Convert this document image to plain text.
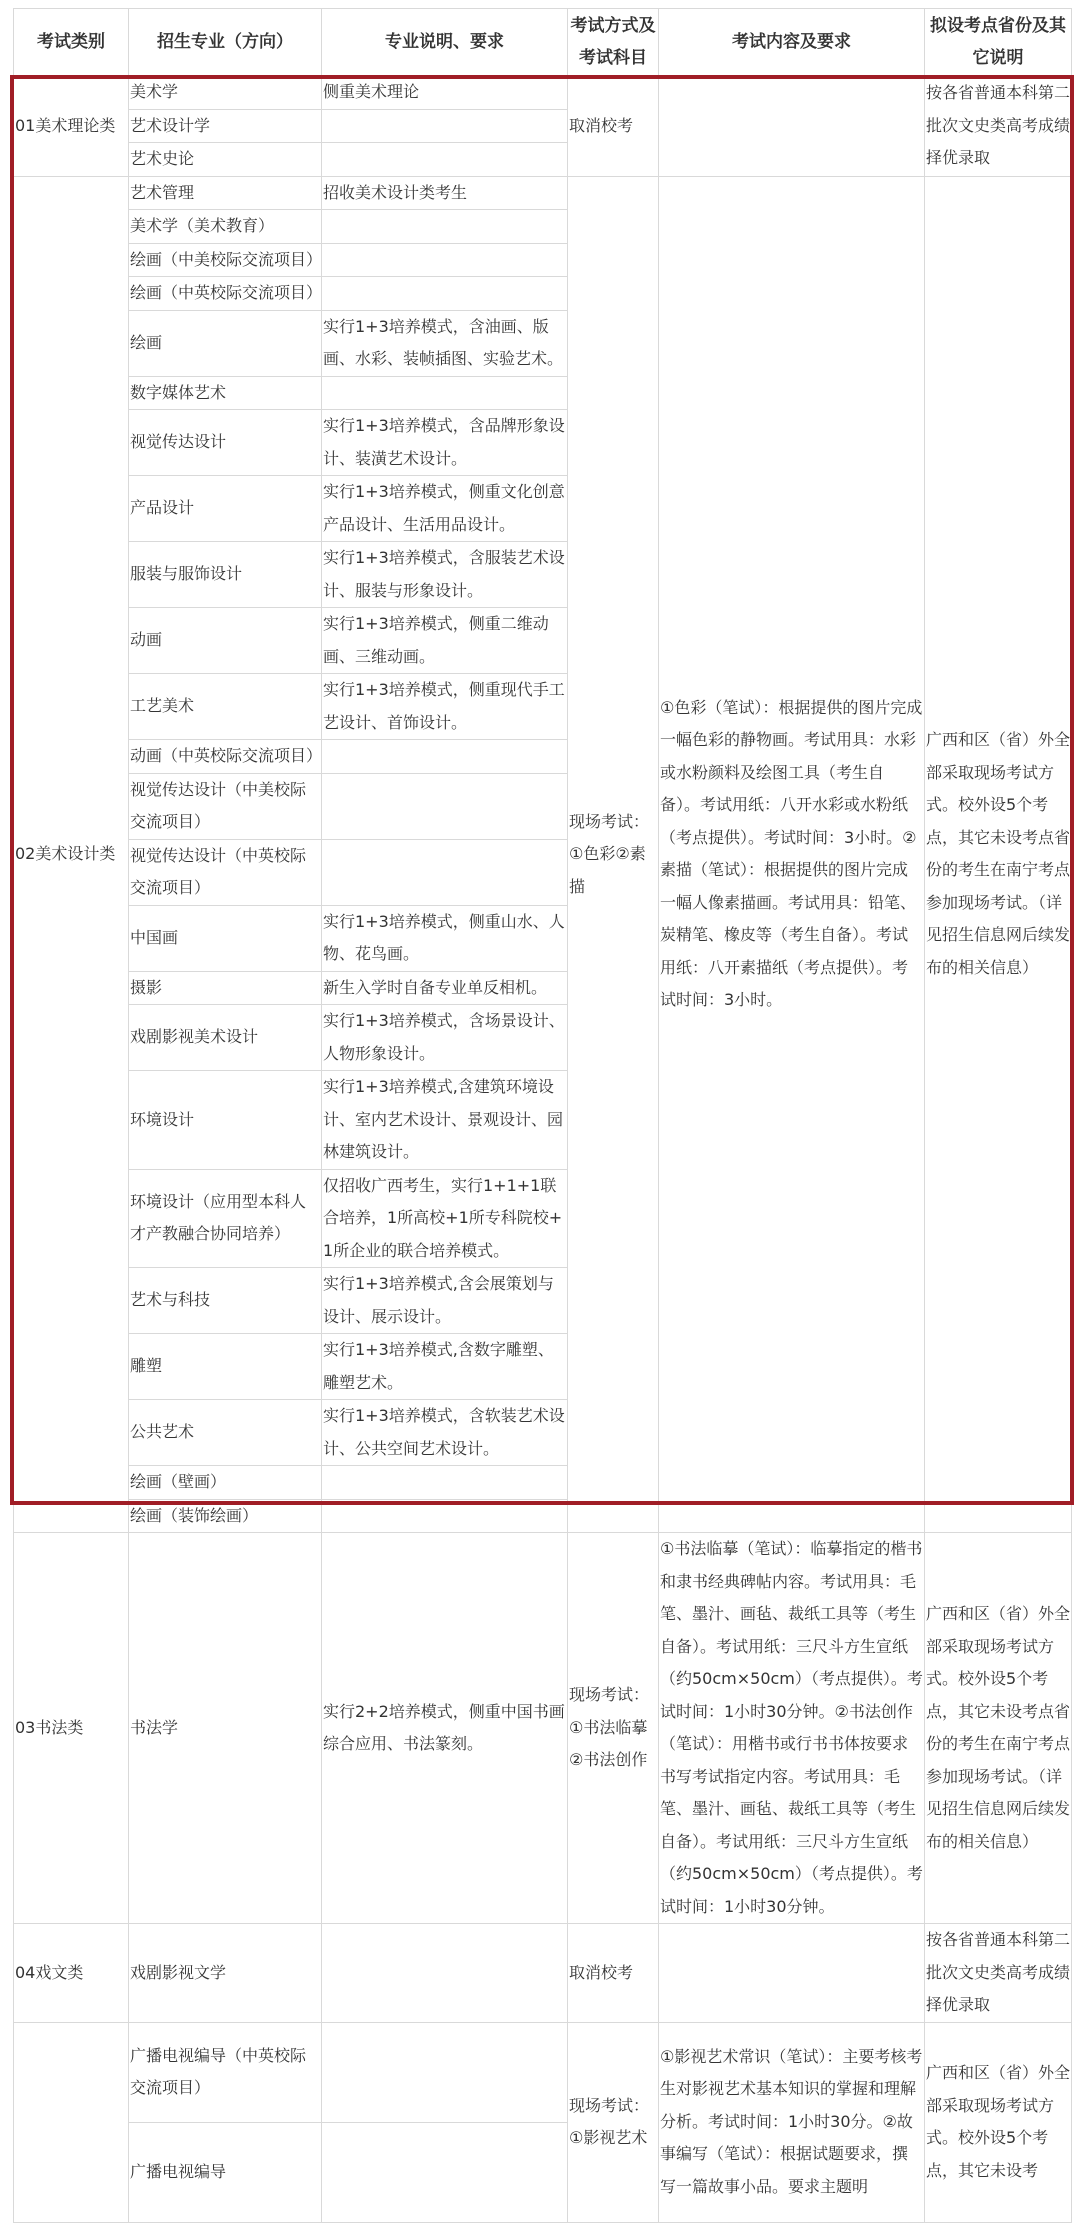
考试类别	招生专业（方向）	专业说明、要求	考试方式及考试科目	考试内容及要求	拟设考点省份及其它说明
01美术理论类	美术学	侧重美术理论	取消校考		按各省普通本科第二批次文史类高考成绩择优录取
	艺术设计学				
	艺术史论				
02美术设计类	艺术管理	招收美术设计类考生	现场考试：①色彩②素描	①色彩（笔试）：根据提供的图片完成一幅色彩的静物画。考试用具：水彩或水粉颜料及绘图工具（考生自备）。考试用纸：八开水彩或水粉纸（考点提供）。考试时间：3小时。②素描（笔试）：根据提供的图片完成一幅人像素描画。考试用具：铅笔、炭精笔、橡皮等（考生自备）。考试用纸：八开素描纸（考点提供）。考试时间：3小时。	广西和区（省）外全部采取现场考试方式。校外设5个考点，其它未设考点省份的考生在南宁考点参加现场考试。（详见招生信息网后续发布的相关信息）
	美术学（美术教育）				
	绘画（中美校际交流项目）				
	绘画（中英校际交流项目）				
	绘画	实行1+3培养模式，含油画、版画、水彩、装帧插图、实验艺术。			
	数字媒体艺术				
	视觉传达设计	实行1+3培养模式，含品牌形象设计、装潢艺术设计。			
	产品设计	实行1+3培养模式，侧重文化创意产品设计、生活用品设计。			
	服装与服饰设计	实行1+3培养模式，含服装艺术设计、服装与形象设计。			
	动画	实行1+3培养模式，侧重二维动画、三维动画。			
	工艺美术	实行1+3培养模式，侧重现代手工艺设计、首饰设计。			
	动画（中英校际交流项目）				
	视觉传达设计（中美校际交流项目）				
	视觉传达设计（中英校际交流项目）				
	中国画	实行1+3培养模式，侧重山水、人物、花鸟画。			
	摄影	新生入学时自备专业单反相机。			
	戏剧影视美术设计	实行1+3培养模式，含场景设计、人物形象设计。			
	环境设计	实行1+3培养模式,含建筑环境设计、室内艺术设计、景观设计、园林建筑设计。			
	环境设计（应用型本科人才产教融合协同培养）	仅招收广西考生，实行1+1+1联合培养，1所高校+1所专科院校+1所企业的联合培养模式。			
	艺术与科技	实行1+3培养模式,含会展策划与设计、展示设计。			
	雕塑	实行1+3培养模式,含数字雕塑、雕塑艺术。			
	公共艺术	实行1+3培养模式，含软装艺术设计、公共空间艺术设计。			
	绘画（壁画）				
	绘画（装饰绘画）				
03书法类	书法学	实行2+2培养模式，侧重中国书画综合应用、书法篆刻。	现场考试：①书法临摹②书法创作	①书法临摹（笔试）：临摹指定的楷书和隶书经典碑帖内容。考试用具：毛笔、墨汁、画毡、裁纸工具等（考生自备）。考试用纸：三尺斗方生宣纸（约50cm×50cm）（考点提供）。考试时间：1小时30分钟。②书法创作（笔试）：用楷书或行书书体按要求书写考试指定内容。考试用具：毛笔、墨汁、画毡、裁纸工具等（考生自备）。考试用纸：三尺斗方生宣纸（约50cm×50cm）（考点提供）。考试时间：1小时30分钟。	广西和区（省）外全部采取现场考试方式。校外设5个考点，其它未设考点省份的考生在南宁考点参加现场考试。（详见招生信息网后续发布的相关信息）
04戏文类	戏剧影视文学		取消校考		按各省普通本科第二批次文史类高考成绩择优录取
	广播电视编导（中英校际交流项目）		现场考试：①影视艺术	①影视艺术常识（笔试）：主要考核考生对影视艺术基本知识的掌握和理解分析。考试时间：1小时30分。②故事编写（笔试）：根据试题要求，撰写一篇故事小品。要求主题明	广西和区（省）外全部采取现场考试方式。校外设5个考点，其它未设考
	广播电视编导				
